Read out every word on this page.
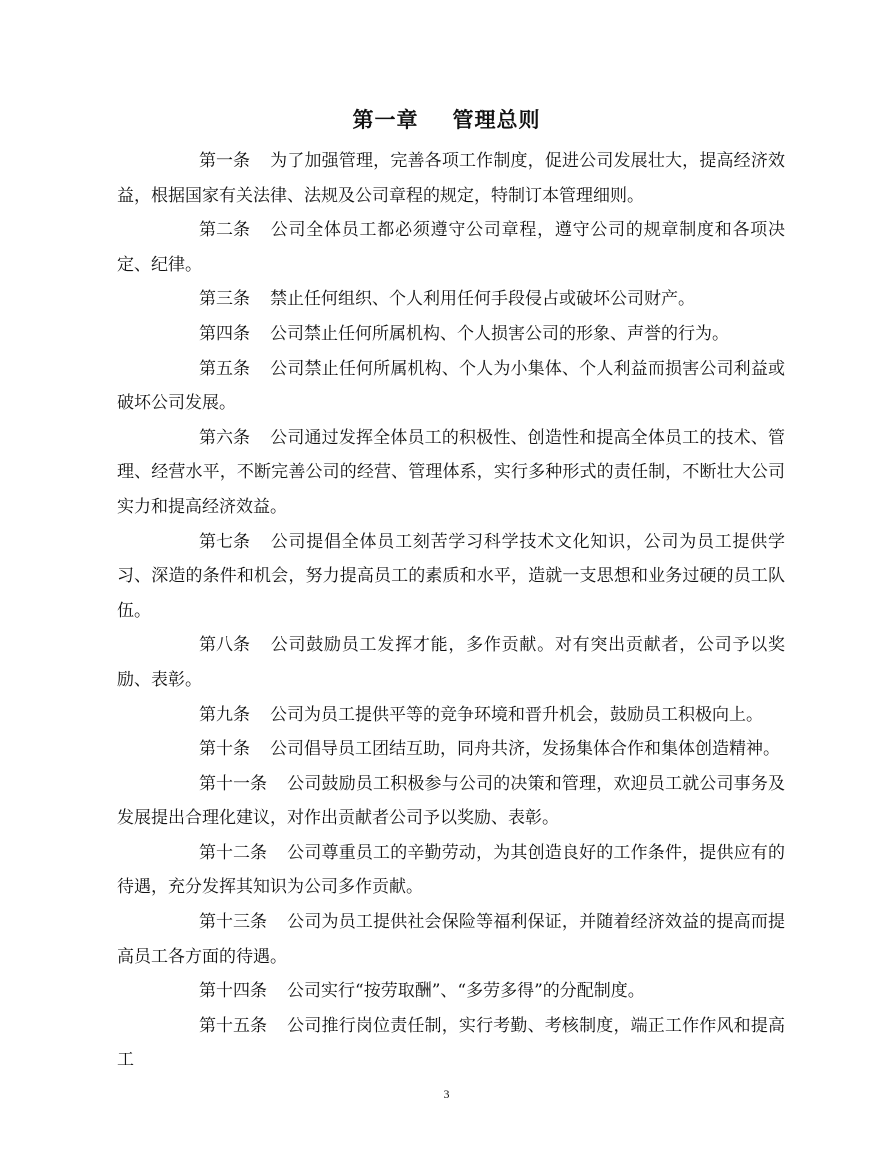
第一章 管理总则

第一条 为了加强管理，完善各项工作制度，促进公司发展壮大，提高经济效益，根据国家有关法律、法规及公司章程的规定，特制订本管理细则。

第二条 公司全体员工都必须遵守公司章程，遵守公司的规章制度和各项决定、纪律。

第三条 禁止任何组织、个人利用任何手段侵占或破坏公司财产。

第四条 公司禁止任何所属机构、个人损害公司的形象、声誉的行为。

第五条 公司禁止任何所属机构、个人为小集体、个人利益而损害公司利益或破坏公司发展。

第六条 公司通过发挥全体员工的积极性、创造性和提高全体员工的技术、管理、经营水平，不断完善公司的经营、管理体系，实行多种形式的责任制，不断壮大公司实力和提高经济效益。

第七条 公司提倡全体员工刻苦学习科学技术文化知识，公司为员工提供学习、深造的条件和机会，努力提高员工的素质和水平，造就一支思想和业务过硬的员工队伍。

第八条 公司鼓励员工发挥才能，多作贡献。对有突出贡献者，公司予以奖励、表彰。

第九条 公司为员工提供平等的竞争环境和晋升机会，鼓励员工积极向上。

第十条 公司倡导员工团结互助，同舟共济，发扬集体合作和集体创造精神。

第十一条 公司鼓励员工积极参与公司的决策和管理，欢迎员工就公司事务及发展提出合理化建议，对作出贡献者公司予以奖励、表彰。

第十二条 公司尊重员工的辛勤劳动，为其创造良好的工作条件，提供应有的待遇，充分发挥其知识为公司多作贡献。

第十三条 公司为员工提供社会保险等福利保证，并随着经济效益的提高而提高员工各方面的待遇。

第十四条 公司实行“按劳取酬”、“多劳多得”的分配制度。

第十五条 公司推行岗位责任制，实行考勤、考核制度，端正工作作风和提高工

3
